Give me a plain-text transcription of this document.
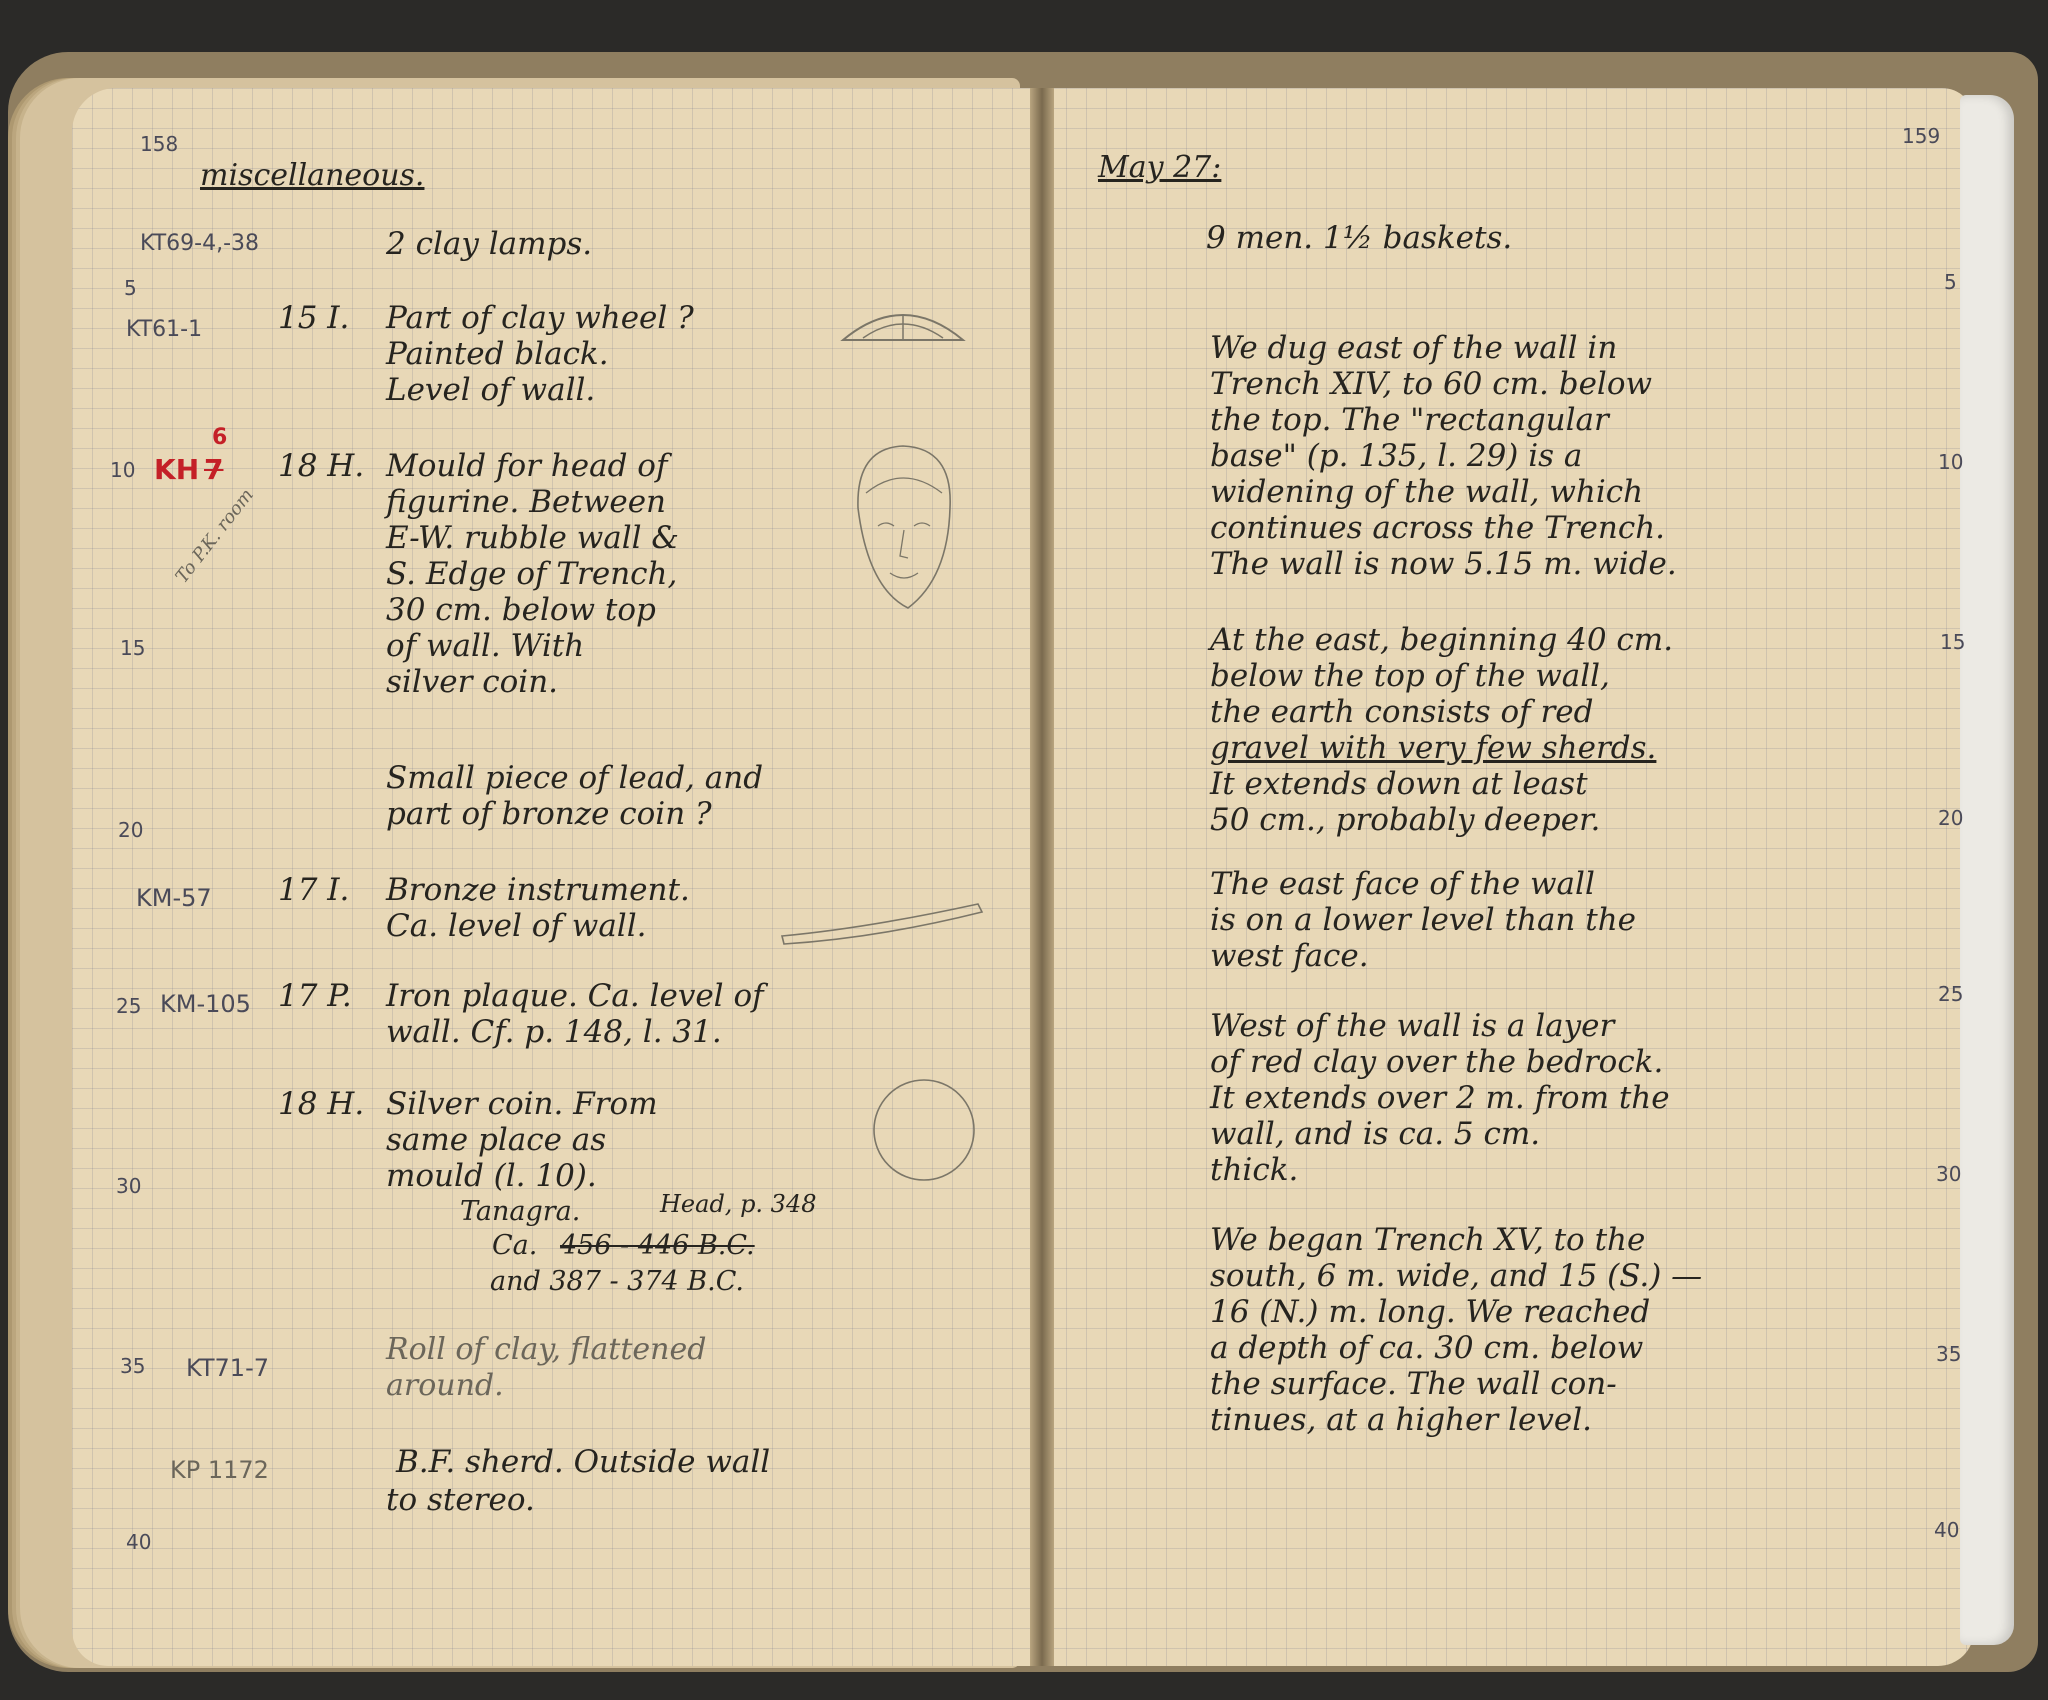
158
miscellaneous.
5
10
15
20
25
30
35
40
KT69-4,-38	2 clay lamps.
KT61-1 15 I. Part of clay wheel ?
Painted black.
Level of wall.
KH 7
6
18 H. Mould for head of
figurine. Between
E-W. rubble wall &
S. Edge of Trench,
30 cm. below top
of wall. With
silver coin.
To P.K. room
Small piece of lead, and
part of bronze coin ?
KM-57 17 I. Bronze instrument.
Ca. level of wall.
KM-105 17 P. Iron plaque. Ca. level of
wall. Cf. p. 148, l. 31.
18 H. Silver coin. From
same place as
mould (l. 10).
Tanagra.	Head, p. 348
Ca. 456 - 446 B.C.
and 387 - 374 B.C.
KT71-7
Roll of clay, flattened
around.
KP 1172	B.F. sherd. Outside wall
to stereo.
159
May 27:
5
10
15
20
25
30
35
40
9 men. 1½ baskets.
We dug east of the wall in
Trench XIV, to 60 cm. below
the top. The "rectangular
base" (p. 135, l. 29) is a
widening of the wall, which
continues across the Trench.
The wall is now 5.15 m. wide.
At the east, beginning 40 cm.
below the top of the wall,
the earth consists of red
gravel with very few sherds.
It extends down at least
50 cm., probably deeper.
The east face of the wall
is on a lower level than the
west face.
West of the wall is a layer
of red clay over the bedrock.
It extends over 2 m. from the
wall, and is ca. 5 cm.
thick.
We began Trench XV, to the
south, 6 m. wide, and 15 (S.) —
16 (N.) m. long. We reached
a depth of ca. 30 cm. below
the surface. The wall con-
tinues, at a higher level.
